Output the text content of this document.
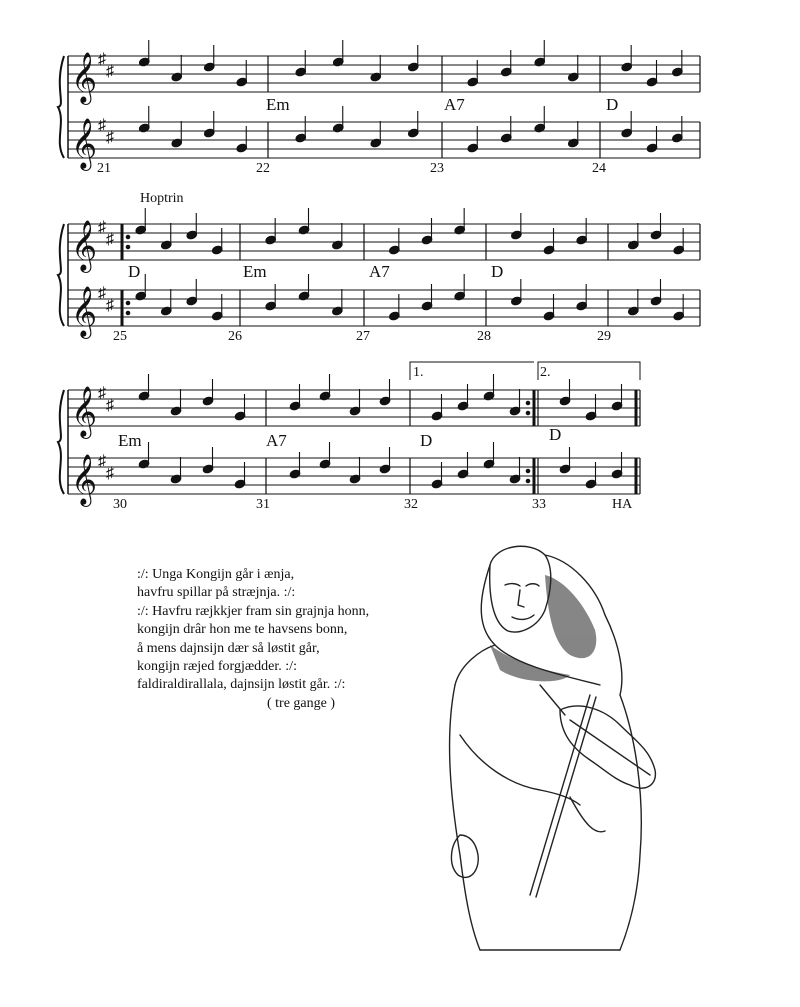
𝄞 ♯
♯
𝄞 ♯
♯
𝄞 ♯
♯
𝄞 ♯
♯
𝄞 ♯
♯
𝄞 ♯
♯
Hoptrin
1.	2.
HA
Em	A7	D
21	22	23	24
D	Em	A7	D
25	26	27	28	29
Em	A7	D	D
30	31	32	33
:/: Unga Kongijn går i ænja,
havfru spillar på stræjnja. :/:
:/: Havfru ræjkkjer fram sin grajnja honn,
kongijn drâr hon me te havsens bonn,
å mens dajnsijn dær så løstit går,
kongijn ræjed forgjædder. :/:
faldiraldirallala, dajnsijn løstit går. :/:
( tre gange )
